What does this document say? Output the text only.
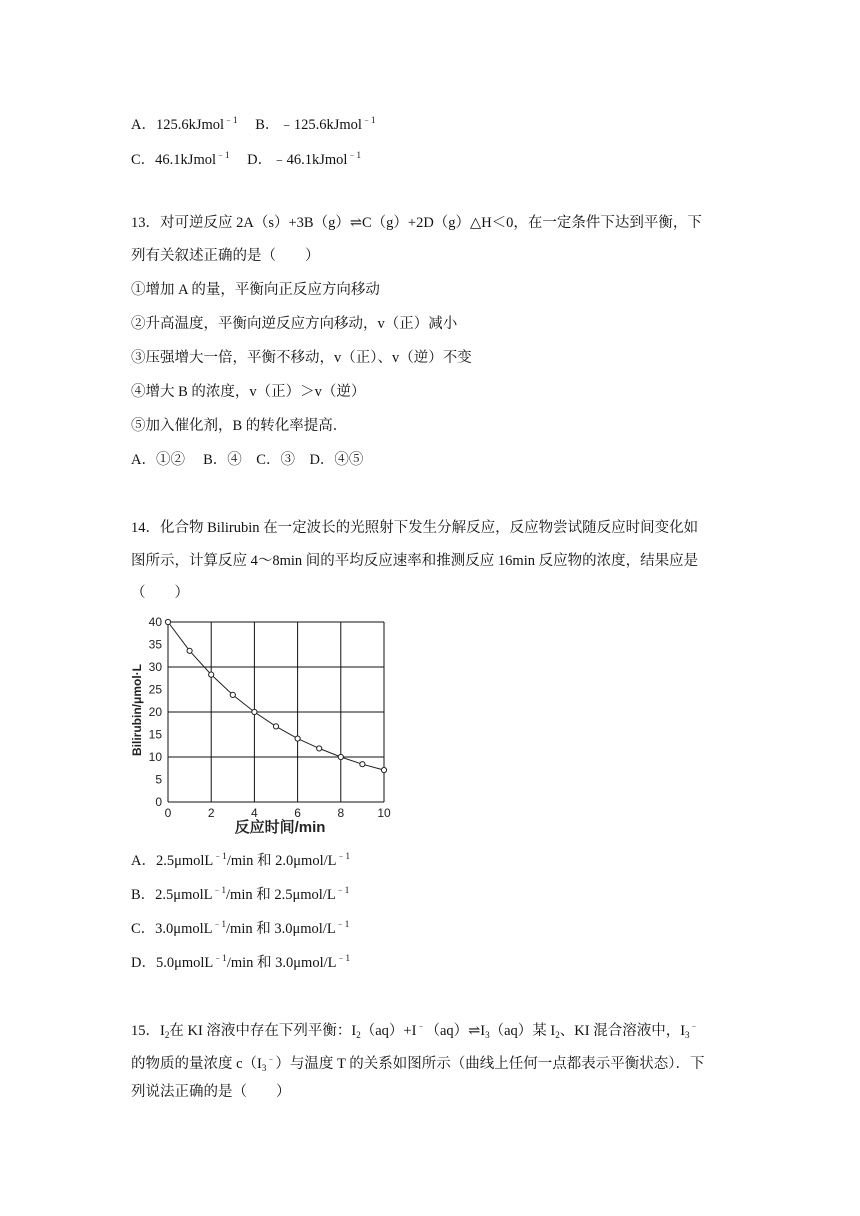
A．125.6kJmol$^{﹣1}$ B．﹣125.6kJmol$^{﹣1}$
C．46.1kJmol$^{﹣1}$ D．﹣46.1kJmol$^{﹣1}$
13．对可逆反应 2A（s）+3B（g）⇌C（g）+2D（g）△H＜0，在一定条件下达到平衡，下
列有关叙述正确的是（　　）
①增加 A 的量，平衡向正反应方向移动
②升高温度，平衡向逆反应方向移动，v（正）减小
③压强增大一倍，平衡不移动，v（正）、v（逆）不变
④增大 B 的浓度，v（正）＞v（逆）
⑤加入催化剂，B 的转化率提高．
A．①②　 B．④　C．③　D．④⑤
14．化合物 Bilirubin 在一定波长的光照射下发生分解反应，反应物尝试随反应时间变化如
图所示，计算反应 4～8min 间的平均反应速率和推测反应 16min 反应物的浓度，结果应是
（　　）
0	2	4	6	8	10
0
5
10
15
20
25
30
35
40
反应时间/min
Bilirubin/μmol·L
A．2.5μmolL$^{﹣1}$/min 和 $2.0\mu mol/L^{﹣1}$
B．2.5μmolL$^{﹣1}$/min 和 $2.5\mu mol/L^{﹣1}$
C．3.0μmolL$^{﹣1}$/min 和 $3.0\mu mol/L^{﹣1}$
D．5.0μmolL$^{﹣1}$/min 和 $3.0\mu mol/L^{﹣1}$
15．$I_2$在 KI 溶液中存在下列平衡：$I_2(aq)+I^﹣(aq)\rightleftharpoons I_3(aq)$某 $I_2$、KI 混合溶液中，$I_3^﹣$
的物质的量浓度 $c(I_3^﹣)$与温度 T 的关系如图所示（曲线上任何一点都表示平衡状态）．下
列说法正确的是（　　）
